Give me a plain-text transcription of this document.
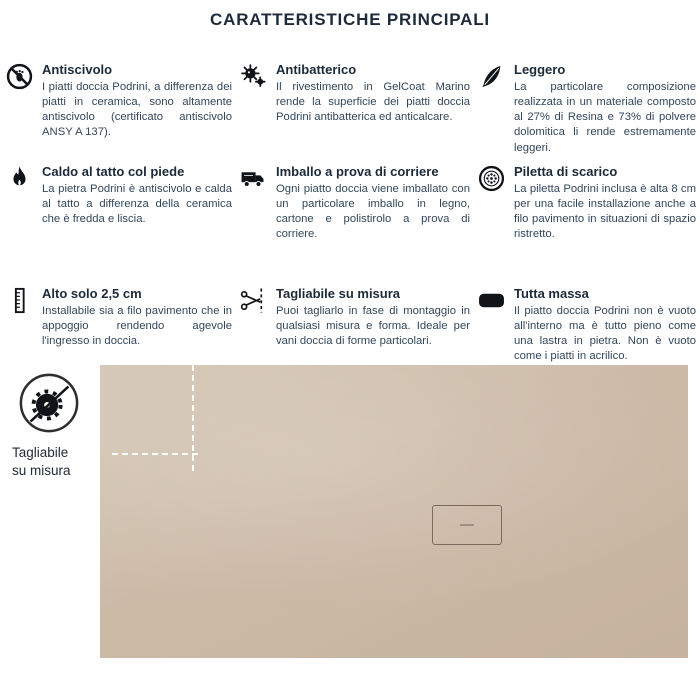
CARATTERISTICHE PRINCIPALI
Antiscivolo
I piatti doccia Podrini, a differenza dei piatti in ceramica, sono altamente antiscivolo (certificato antiscivolo ANSY A 137).
Antibatterico
Il rivestimento in GelCoat Marino rende la superficie dei piatti doccia Podrini antibatterica ed anticalcare.
Leggero
La particolare composizione realizzata in un materiale composto al 27% di Resina e 73% di polvere dolomitica li rende estremamente leggeri.
Caldo al tatto col piede
La pietra Podrini è antiscivolo e calda al tatto a differenza della ceramica che è fredda e liscia.
Imballo a prova di corriere
Ogni piatto doccia viene imballato con un particolare imballo in legno, cartone e polistirolo a prova di corriere.
Piletta di scarico
La piletta Podrini inclusa è alta 8 cm per una facile installazione anche a filo pavimento in situazioni di spazio ristretto.
Alto solo 2,5 cm
Installabile sia a filo pavimento che in appoggio rendendo agevole l'ingresso in doccia.
Tagliabile su misura
Puoi tagliarlo in fase di montaggio in qualsiasi misura e forma. Ideale per vani doccia di forme particolari.
Tutta massa
Il piatto doccia Podrini non è vuoto all'interno ma è tutto pieno come una lastra in pietra. Non è vuoto come i piatti in acrilico.
Tagliabile su misura
